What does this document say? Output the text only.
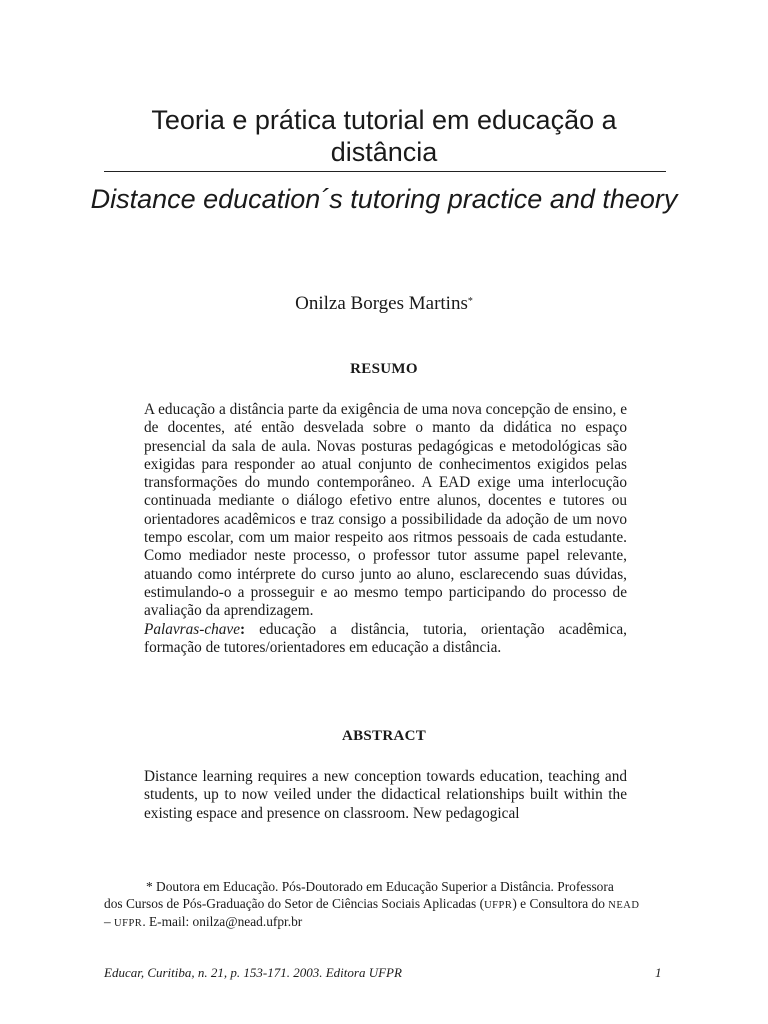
Teoria e prática tutorial em educação a distância
Distance education´s tutoring practice and theory
Onilza Borges Martins*
RESUMO

A educação a distância parte da exigência de uma nova concepção de ensino, e de docentes, até então desvelada sobre o manto da didática no espaço presencial da sala de aula. Novas posturas pedagógicas e metodológicas são exigidas para responder ao atual conjunto de conhecimentos exigidos pelas transformações do mundo contemporâneo. A EAD exige uma interlocução continuada mediante o diálogo efetivo entre alunos, docentes e tutores ou orientadores acadêmicos e traz consigo a possibilidade da adoção de um novo tempo escolar, com um maior respeito aos ritmos pessoais de cada estudante. Como mediador neste processo, o professor tutor assume papel relevante, atuando como intérprete do curso junto ao aluno, esclarecendo suas dúvidas, estimulando-o a prosseguir e ao mesmo tempo participando do processo de avaliação da aprendizagem.

Palavras-chave: educação a distância, tutoria, orientação acadêmica, formação de tutores/orientadores em educação a distância.

ABSTRACT

Distance learning requires a new conception towards education, teaching and students, up to now veiled under the didactical relationships built within the existing espace and presence on classroom. New pedagogical

* Doutora em Educação. Pós-Doutorado em Educação Superior a Distância. Professora
dos Cursos de Pós-Graduação do Setor de Ciências Sociais Aplicadas (UFPR) e Consultora do NEAD
– UFPR. E-mail: onilza@nead.ufpr.br
Educar, Curitiba, n. 21, p. 153-171. 2003. Editora UFPR	1
